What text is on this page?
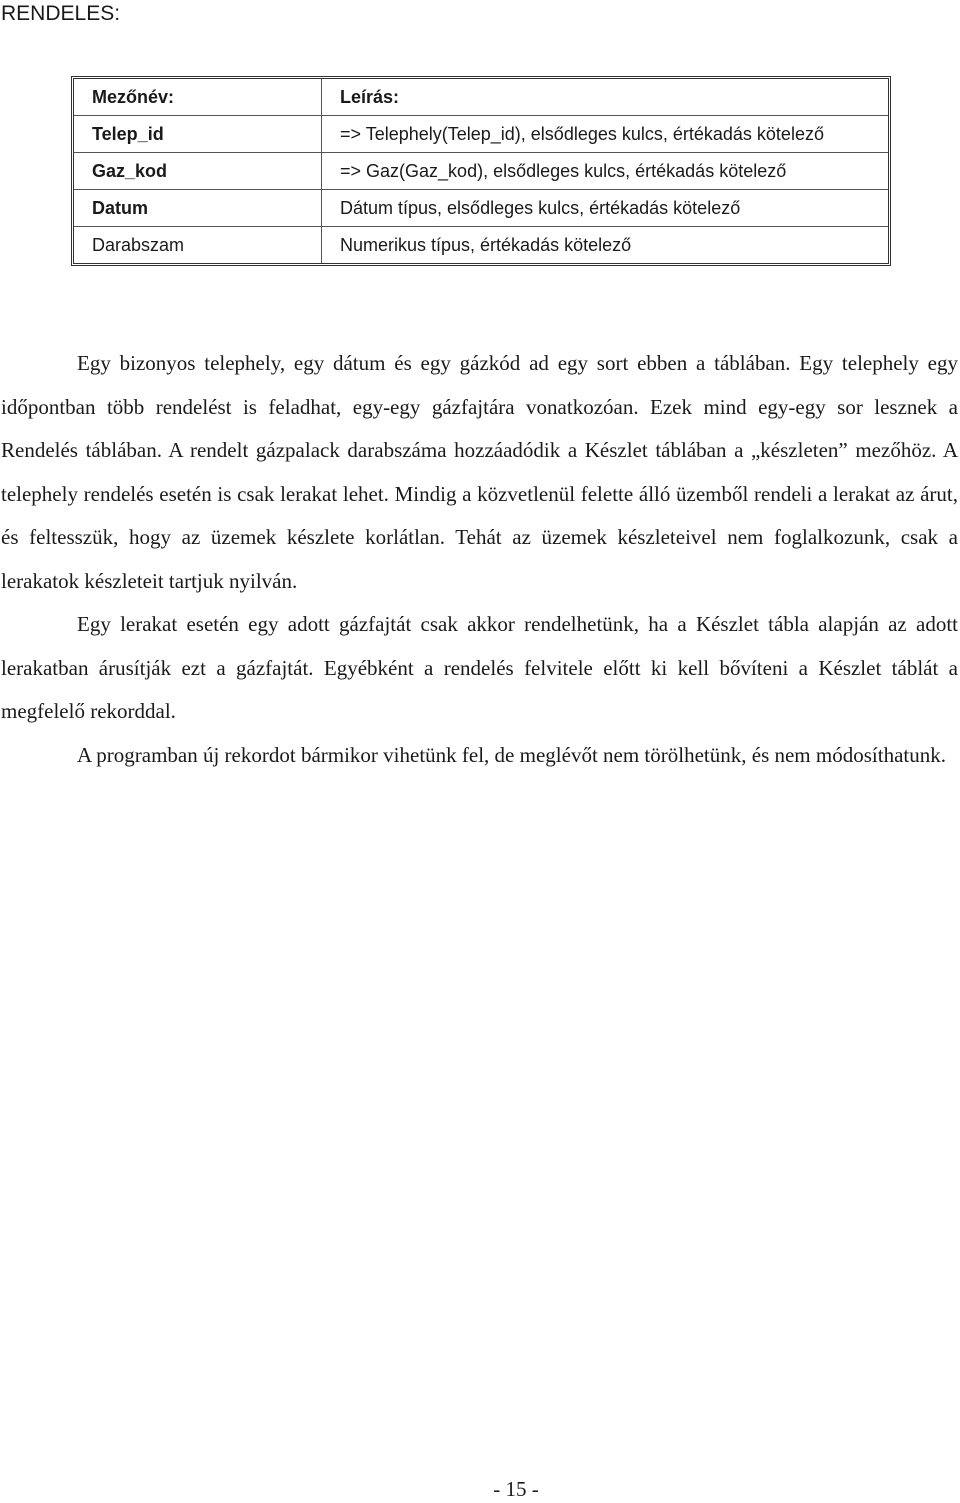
RENDELES:
Mezőnév:	Leírás:
Telep_id	=> Telephely(Telep_id), elsődleges kulcs, értékadás kötelező
Gaz_kod	=> Gaz(Gaz_kod), elsődleges kulcs, értékadás kötelező
Datum	Dátum típus, elsődleges kulcs, értékadás kötelező
Darabszam	Numerikus típus, értékadás kötelező

Egy bizonyos telephely, egy dátum és egy gázkód ad egy sort ebben a táblában. Egy telephely egy időpontban több rendelést is feladhat, egy-egy gázfajtára vonatkozóan. Ezek mind egy-egy sor lesznek a Rendelés táblában. A rendelt gázpalack darabszáma hozzáadódik a Készlet táblában a „készleten” mezőhöz. A telephely rendelés esetén is csak lerakat lehet. Mindig a közvetlenül felette álló üzemből rendeli a lerakat az árut, és feltesszük, hogy az üzemek készlete korlátlan. Tehát az üzemek készleteivel nem foglalkozunk, csak a lerakatok készleteit tartjuk nyilván.

Egy lerakat esetén egy adott gázfajtát csak akkor rendelhetünk, ha a Készlet tábla alapján az adott lerakatban árusítják ezt a gázfajtát. Egyébként a rendelés felvitele előtt ki kell bővíteni a Készlet táblát a megfelelő rekorddal.

A programban új rekordot bármikor vihetünk fel, de meglévőt nem törölhetünk, és nem módosíthatunk.

- 15 -
